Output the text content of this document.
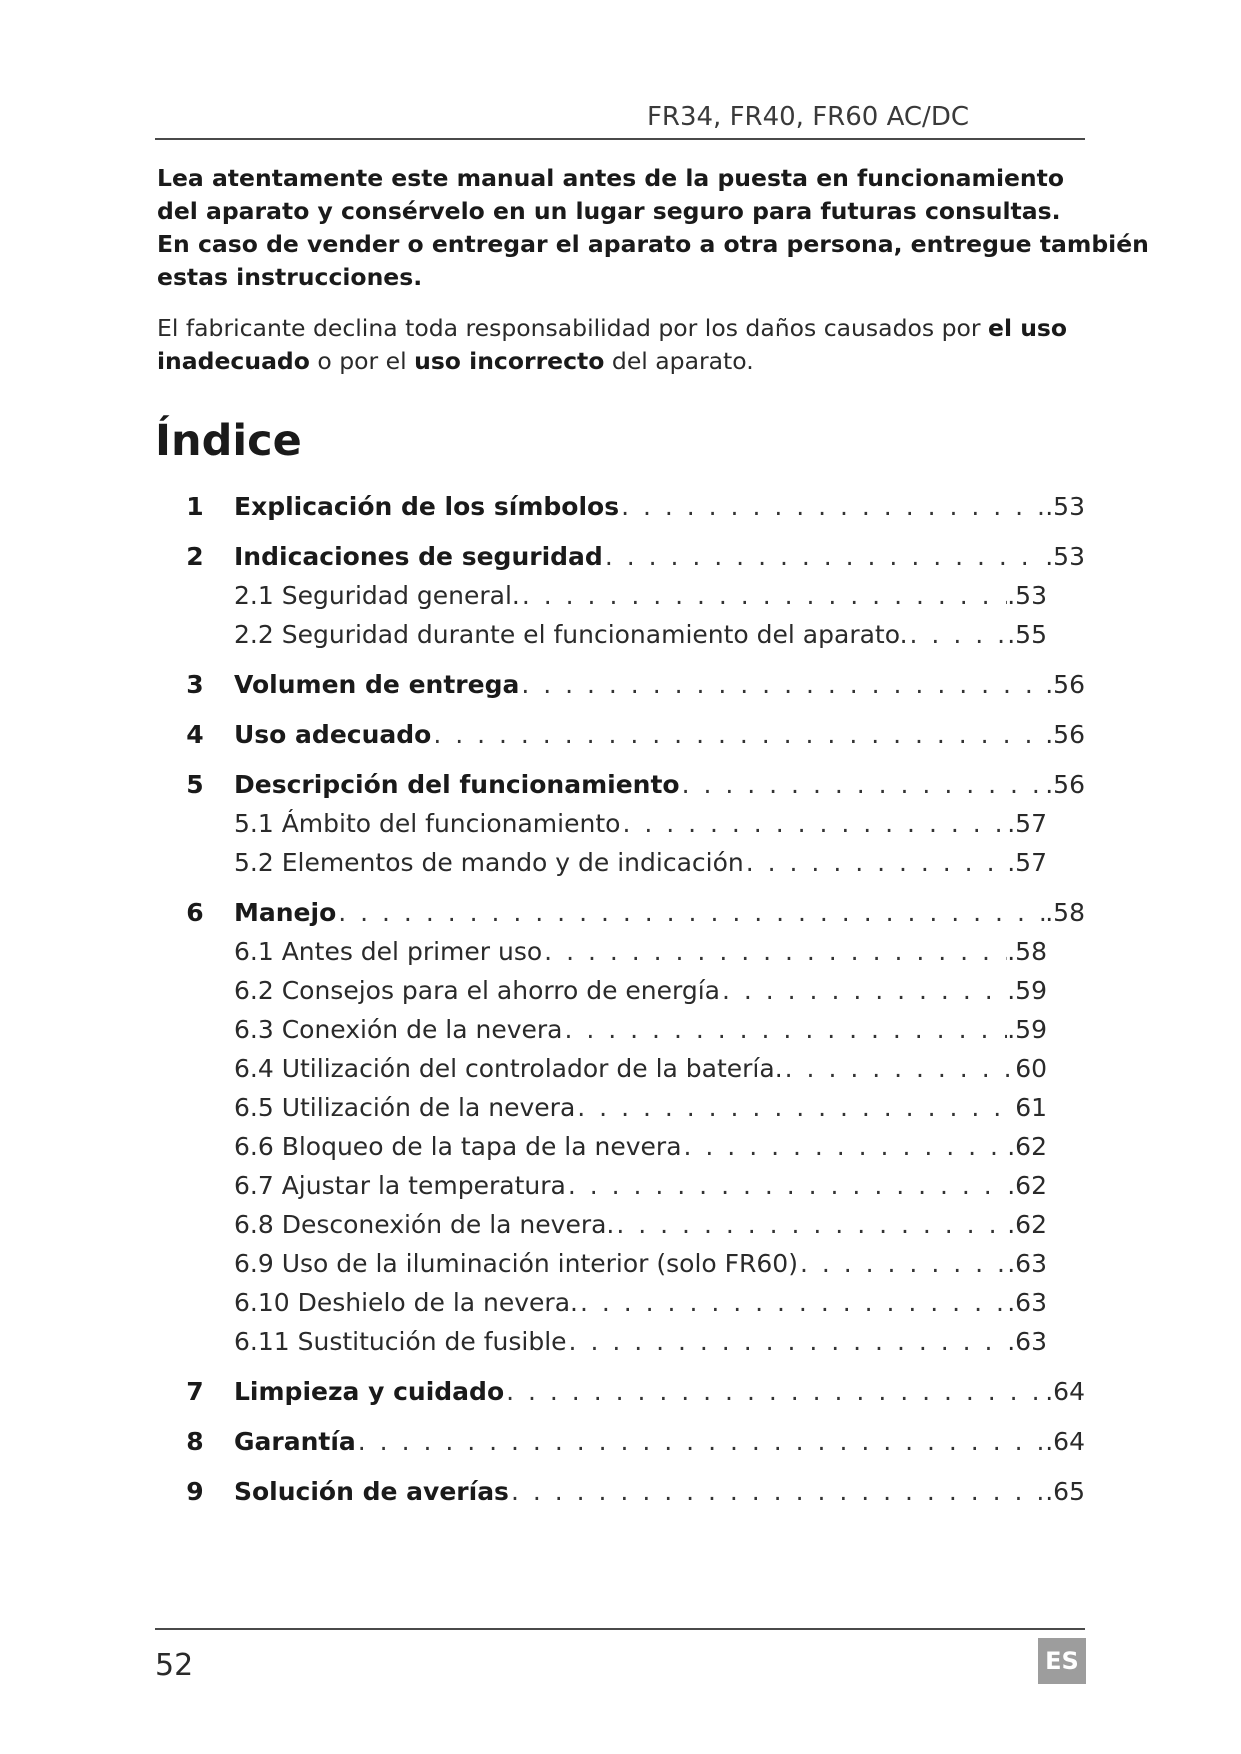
FR34, FR40, FR60 AC/DC
Lea atentamente este manual antes de la puesta en funcionamiento
del aparato y consérvelo en un lugar seguro para futuras consultas.
En caso de vender o entregar el aparato a otra persona, entregue también
estas instrucciones.
El fabricante declina toda responsabilidad por los daños causados por el uso
inadecuado o por el uso incorrecto del aparato.
Índice
1	Explicación de los símbolos . . .	.53
2	Indicaciones de seguridad . . .	.53
2.1 Seguridad general. . . .	.53
2.2 Seguridad durante el funcionamiento del aparato. . . .	.55
3	Volumen de entrega . . .	.56
4	Uso adecuado . . .	.56
5	Descripción del funcionamiento . . .	.56
5.1 Ámbito del funcionamiento . . .	.57
5.2 Elementos de mando y de indicación . . .	.57
6	Manejo . . .	.58
6.1 Antes del primer uso . . .	.58
6.2 Consejos para el ahorro de energía . . .	.59
6.3 Conexión de la nevera . . .	.59
6.4 Utilización del controlador de la batería. . . .	60
6.5 Utilización de la nevera . . .	61
6.6 Bloqueo de la tapa de la nevera . . .	.62
6.7 Ajustar la temperatura . . .	.62
6.8 Desconexión de la nevera. . . .	.62
6.9 Uso de la iluminación interior (solo FR60) . . .	.63
6.10 Deshielo de la nevera. . . .	.63
6.11 Sustitución de fusible . . .	.63
7	Limpieza y cuidado . . .	.64
8	Garantía . . .	.64
9	Solución de averías . . .	.65
52	ES
